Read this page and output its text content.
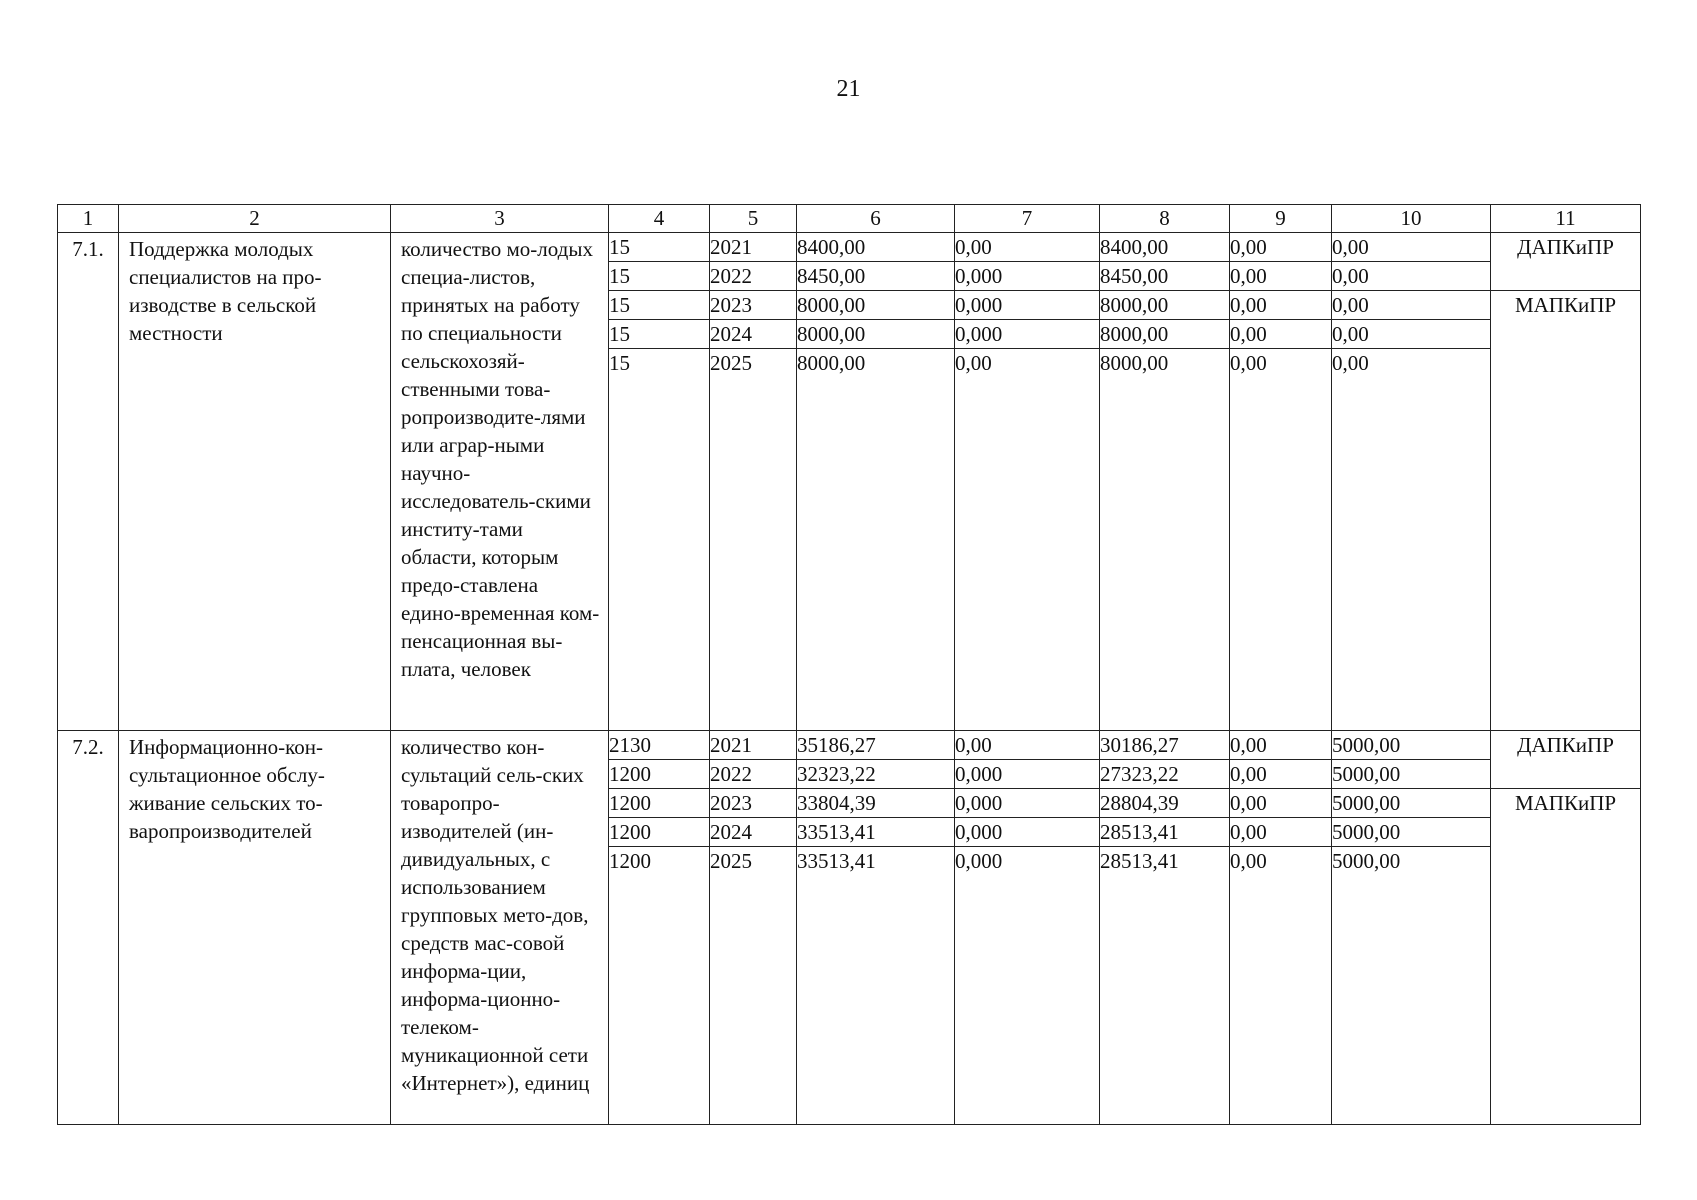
21
1	2	3	4	5	6	7	8	9	10	11
7.1.	Поддержка молодых специалистов на про-изводстве в сельской местности	количество мо-лодых специа-листов, принятых на работу по специальности сельскохозяй-ственными това-ропроизводите-лями или аграр-ными научно-исследователь-скими институ-тами области, которым предо-ставлена едино-временная ком-пенсационная вы-плата, человек	15	2021	8400,00	0,00	8400,00	0,00	0,00	ДАПКиПР
			15	2022	8450,00	0,000	8450,00	0,00	0,00	
			15	2023	8000,00	0,000	8000,00	0,00	0,00	МАПКиПР
			15	2024	8000,00	0,000	8000,00	0,00	0,00	
			15	2025	8000,00	0,00	8000,00	0,00	0,00	
7.2.	Информационно-кон-сультационное обслу-живание сельских то-варопроизводителей	количество кон-сультаций сель-ских товаропро-изводителей (ин-дивидуальных, с использованием групповых мето-дов, средств мас-совой информа-ции, информа-ционно-телеком-муникационной сети «Интернет»), единиц	2130	2021	35186,27	0,00	30186,27	0,00	5000,00	ДАПКиПР
			1200	2022	32323,22	0,000	27323,22	0,00	5000,00	
			1200	2023	33804,39	0,000	28804,39	0,00	5000,00	МАПКиПР
			1200	2024	33513,41	0,000	28513,41	0,00	5000,00	
			1200	2025	33513,41	0,000	28513,41	0,00	5000,00	
